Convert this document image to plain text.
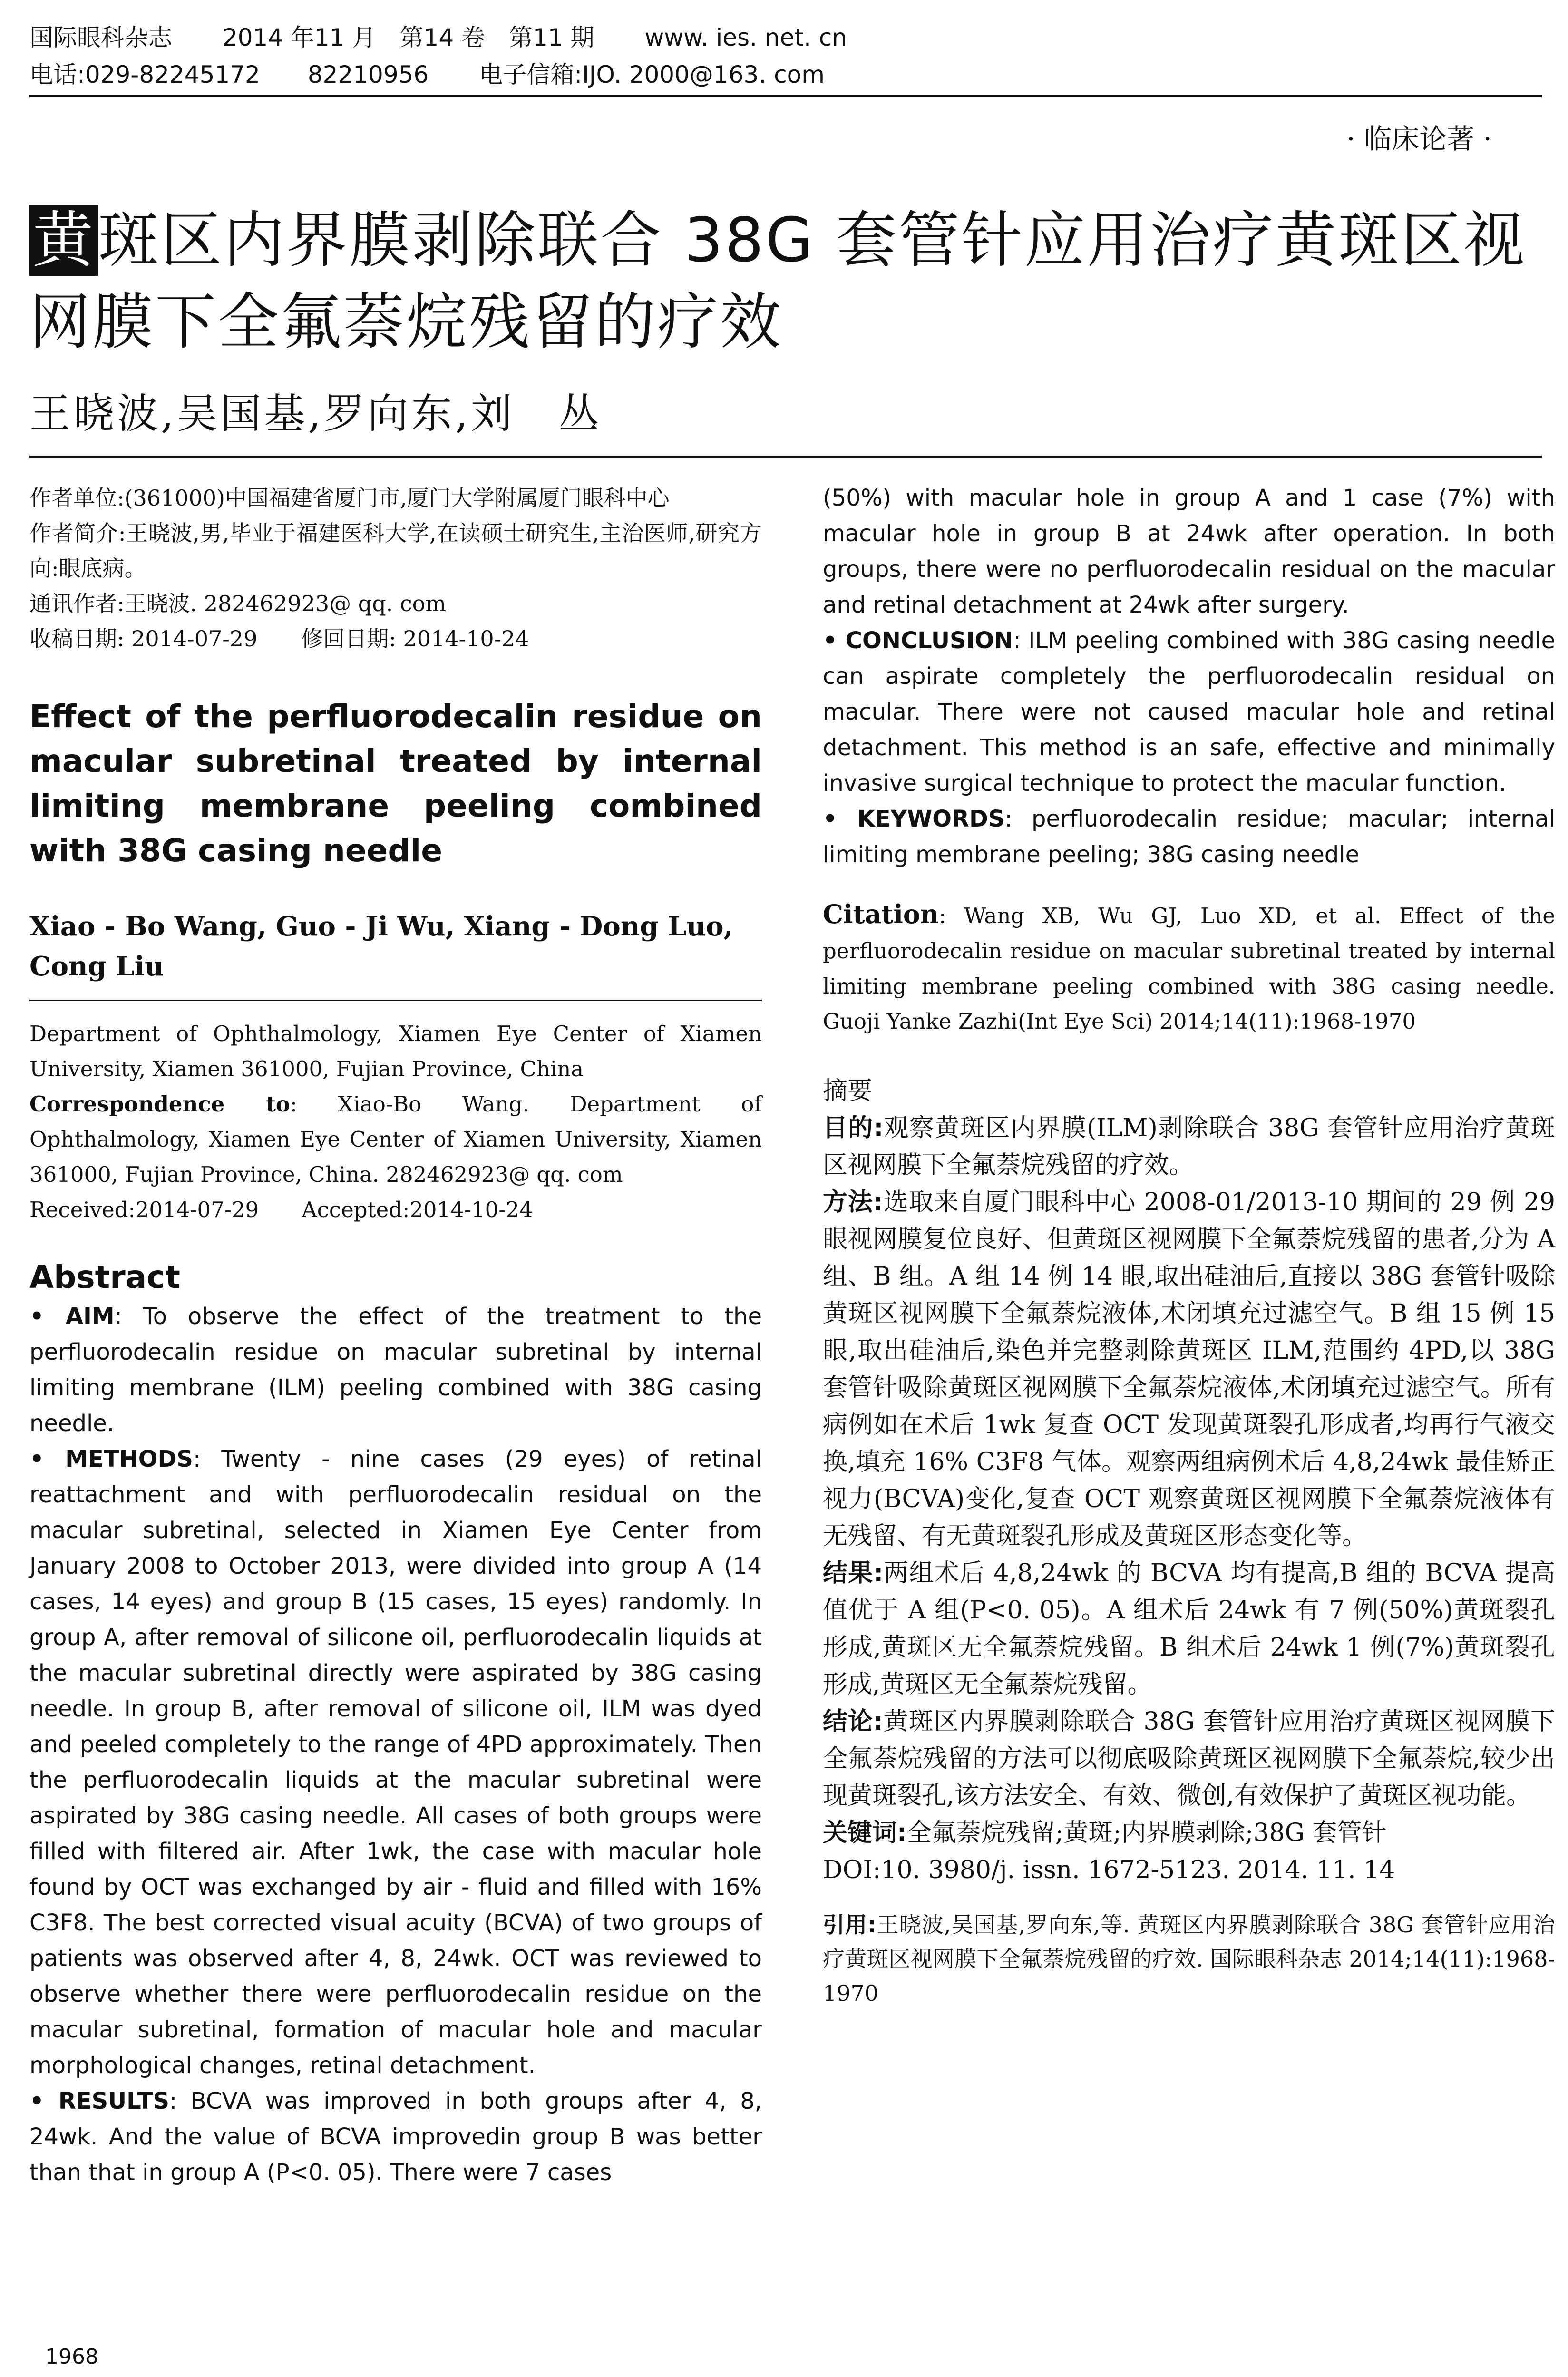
国际眼科杂志 2014 年11 月　第14 卷　第11 期 www. ies. net. cn
电话:029-82245172　　82210956 电子信箱:IJO. 2000@163. com
· 临床论著 ·
黄斑区内界膜剥除联合 38G 套管针应用治疗黄斑区视网膜下全氟萘烷残留的疗效
王晓波,吴国基,罗向东,刘　丛

作者单位:(361000)中国福建省厦门市,厦门大学附属厦门眼科中心

作者简介:王晓波,男,毕业于福建医科大学,在读硕士研究生,主治医师,研究方向:眼底病。

通讯作者:王晓波. 282462923@ qq. com

收稿日期: 2014-07-29　　修回日期: 2014-10-24

Effect of the perfluorodecalin residue on macular subretinal treated by internal limiting membrane peeling combined with 38G casing needle
Xiao - Bo Wang, Guo - Ji Wu, Xiang - Dong Luo, Cong Liu

Department of Ophthalmology, Xiamen Eye Center of Xiamen University, Xiamen 361000, Fujian Province, China

Correspondence to: Xiao-Bo Wang. Department of Ophthalmology, Xiamen Eye Center of Xiamen University, Xiamen 361000, Fujian Province, China. 282462923@ qq. com

Received:2014-07-29　　Accepted:2014-10-24

Abstract

• AIM: To observe the effect of the treatment to the perfluorodecalin residue on macular subretinal by internal limiting membrane (ILM) peeling combined with 38G casing needle.

• METHODS: Twenty - nine cases (29 eyes) of retinal reattachment and with perfluorodecalin residual on the macular subretinal, selected in Xiamen Eye Center from January 2008 to October 2013, were divided into group A (14 cases, 14 eyes) and group B (15 cases, 15 eyes) randomly. In group A, after removal of silicone oil, perfluorodecalin liquids at the macular subretinal directly were aspirated by 38G casing needle. In group B, after removal of silicone oil, ILM was dyed and peeled completely to the range of 4PD approximately. Then the perfluorodecalin liquids at the macular subretinal were aspirated by 38G casing needle. All cases of both groups were filled with filtered air. After 1wk, the case with macular hole found by OCT was exchanged by air - fluid and filled with 16% C3F8. The best corrected visual acuity (BCVA) of two groups of patients was observed after 4, 8, 24wk. OCT was reviewed to observe whether there were perfluorodecalin residue on the macular subretinal, formation of macular hole and macular morphological changes, retinal detachment.

• RESULTS: BCVA was improved in both groups after 4, 8, 24wk. And the value of BCVA improvedin group B was better than that in group A (P<0. 05). There were 7 cases

(50%) with macular hole in group A and 1 case (7%) with macular hole in group B at 24wk after operation. In both groups, there were no perfluorodecalin residual on the macular and retinal detachment at 24wk after surgery.

• CONCLUSION: ILM peeling combined with 38G casing needle can aspirate completely the perfluorodecalin residual on macular. There were not caused macular hole and retinal detachment. This method is an safe, effective and minimally invasive surgical technique to protect the macular function.

• KEYWORDS: perfluorodecalin residue; macular; internal limiting membrane peeling; 38G casing needle

Citation: Wang XB, Wu GJ, Luo XD, et al. Effect of the perfluorodecalin residue on macular subretinal treated by internal limiting membrane peeling combined with 38G casing needle. Guoji Yanke Zazhi(Int Eye Sci) 2014;14(11):1968-1970

摘要

目的:观察黄斑区内界膜(ILM)剥除联合 38G 套管针应用治疗黄斑区视网膜下全氟萘烷残留的疗效。

方法:选取来自厦门眼科中心 2008-01/2013-10 期间的 29 例 29 眼视网膜复位良好、但黄斑区视网膜下全氟萘烷残留的患者,分为 A 组、B 组。A 组 14 例 14 眼,取出硅油后,直接以 38G 套管针吸除黄斑区视网膜下全氟萘烷液体,术闭填充过滤空气。B 组 15 例 15 眼,取出硅油后,染色并完整剥除黄斑区 ILM,范围约 4PD,以 38G 套管针吸除黄斑区视网膜下全氟萘烷液体,术闭填充过滤空气。所有病例如在术后 1wk 复查 OCT 发现黄斑裂孔形成者,均再行气液交换,填充 16% C3F8 气体。观察两组病例术后 4,8,24wk 最佳矫正视力(BCVA)变化,复查 OCT 观察黄斑区视网膜下全氟萘烷液体有无残留、有无黄斑裂孔形成及黄斑区形态变化等。

结果:两组术后 4,8,24wk 的 BCVA 均有提高,B 组的 BCVA 提高值优于 A 组(P<0. 05)。A 组术后 24wk 有 7 例(50%)黄斑裂孔形成,黄斑区无全氟萘烷残留。B 组术后 24wk 1 例(7%)黄斑裂孔形成,黄斑区无全氟萘烷残留。

结论:黄斑区内界膜剥除联合 38G 套管针应用治疗黄斑区视网膜下全氟萘烷残留的方法可以彻底吸除黄斑区视网膜下全氟萘烷,较少出现黄斑裂孔,该方法安全、有效、微创,有效保护了黄斑区视功能。

关键词:全氟萘烷残留;黄斑;内界膜剥除;38G 套管针

DOI:10. 3980/j. issn. 1672-5123. 2014. 11. 14

引用:王晓波,吴国基,罗向东,等. 黄斑区内界膜剥除联合 38G 套管针应用治疗黄斑区视网膜下全氟萘烷残留的疗效. 国际眼科杂志 2014;14(11):1968-1970

1968
